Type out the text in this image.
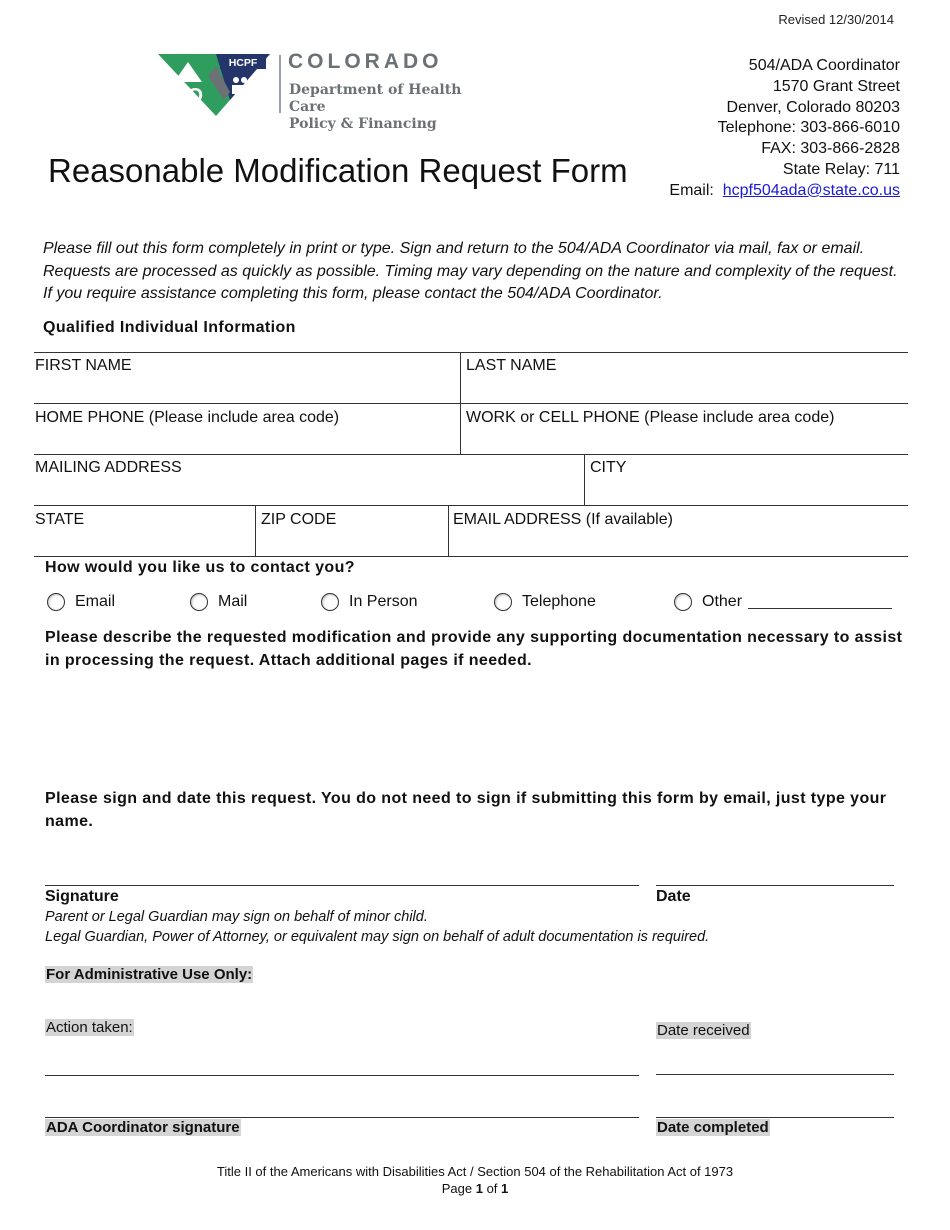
Revised 12/30/2014
HCPF
CO
COLORADO
Department of Health Care
Policy & Financing
504/ADA Coordinator
1570 Grant Street
Denver, Colorado 80203
Telephone: 303-866-6010
FAX: 303-866-2828
State Relay: 711
Email: hcpf504ada@state.co.us
Reasonable Modification Request Form
Please fill out this form completely in print or type. Sign and return to the 504/ADA Coordinator via mail, fax or email. Requests are processed as quickly as possible. Timing may vary depending on the nature and complexity of the request. If you require assistance completing this form, please contact the 504/ADA Coordinator.
Qualified Individual Information
FIRST NAME	LAST NAME
HOME PHONE (Please include area code)	WORK or CELL PHONE (Please include area code)
MAILING ADDRESS	CITY
STATE	ZIP CODE	EMAIL ADDRESS (If available)
How would you like us to contact you?
Email	Mail	In Person	Telephone	Other
Please describe the requested modification and provide any supporting documentation necessary to assist in processing the request. Attach additional pages if needed.
Please sign and date this request. You do not need to sign if submitting this form by email, just type your name.
Signature	Date
Parent or Legal Guardian may sign on behalf of minor child.
Legal Guardian, Power of Attorney, or equivalent may sign on behalf of adult documentation is required.
For Administrative Use Only:
Action taken:	Date received
ADA Coordinator signature	Date completed
Title II of the Americans with Disabilities Act / Section 504 of the Rehabilitation Act of 1973
Page 1 of 1
